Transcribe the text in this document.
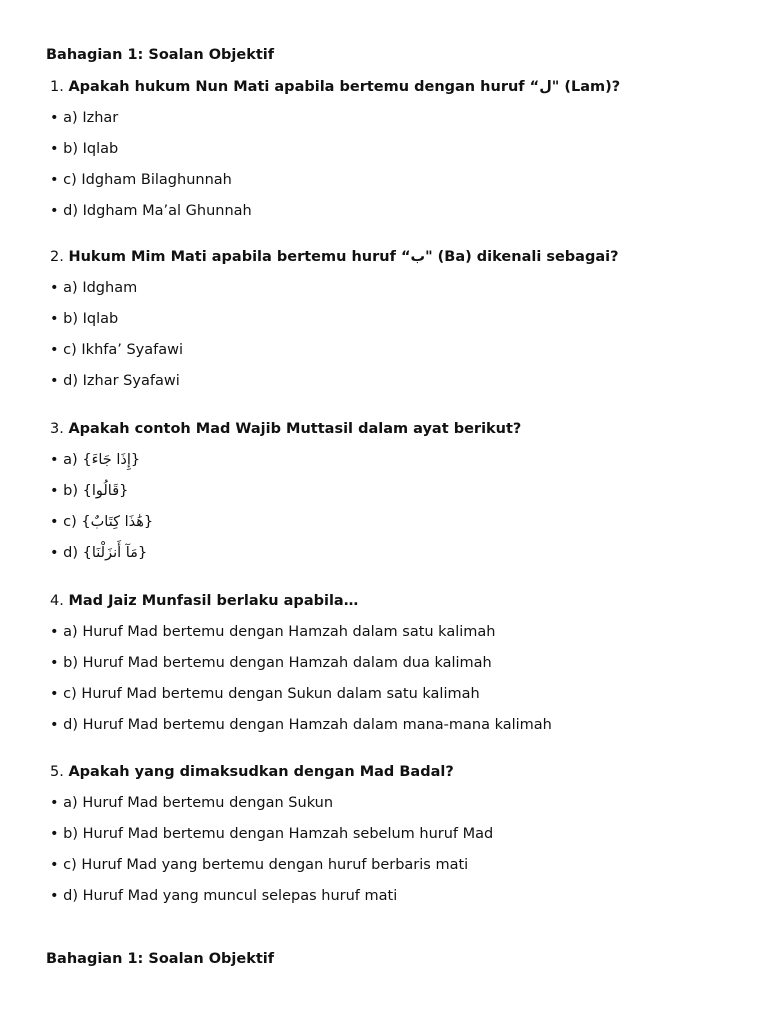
Bahagian 1: Soalan Objektif
1. Apakah hukum Nun Mati apabila bertemu dengan huruf “ل" (Lam)?
• a) Izhar
• b) Iqlab
• c) Idgham Bilaghunnah
• d) Idgham Ma’al Ghunnah
2. Hukum Mim Mati apabila bertemu huruf “ب" (Ba) dikenali sebagai?
• a) Idgham
• b) Iqlab
• c) Ikhfa’ Syafawi
• d) Izhar Syafawi
3. Apakah contoh Mad Wajib Muttasil dalam ayat berikut?
• a) {إِذَا جَاءَ}
• b) {قَالُوا}
• c) {هَٰذَا كِتَابٌ}
• d) {مَآ أَنزَلْنَا}
4. Mad Jaiz Munfasil berlaku apabila…
• a) Huruf Mad bertemu dengan Hamzah dalam satu kalimah
• b) Huruf Mad bertemu dengan Hamzah dalam dua kalimah
• c) Huruf Mad bertemu dengan Sukun dalam satu kalimah
• d) Huruf Mad bertemu dengan Hamzah dalam mana-mana kalimah
5. Apakah yang dimaksudkan dengan Mad Badal?
• a) Huruf Mad bertemu dengan Sukun
• b) Huruf Mad bertemu dengan Hamzah sebelum huruf Mad
• c) Huruf Mad yang bertemu dengan huruf berbaris mati
• d) Huruf Mad yang muncul selepas huruf mati
Bahagian 1: Soalan Objektif
